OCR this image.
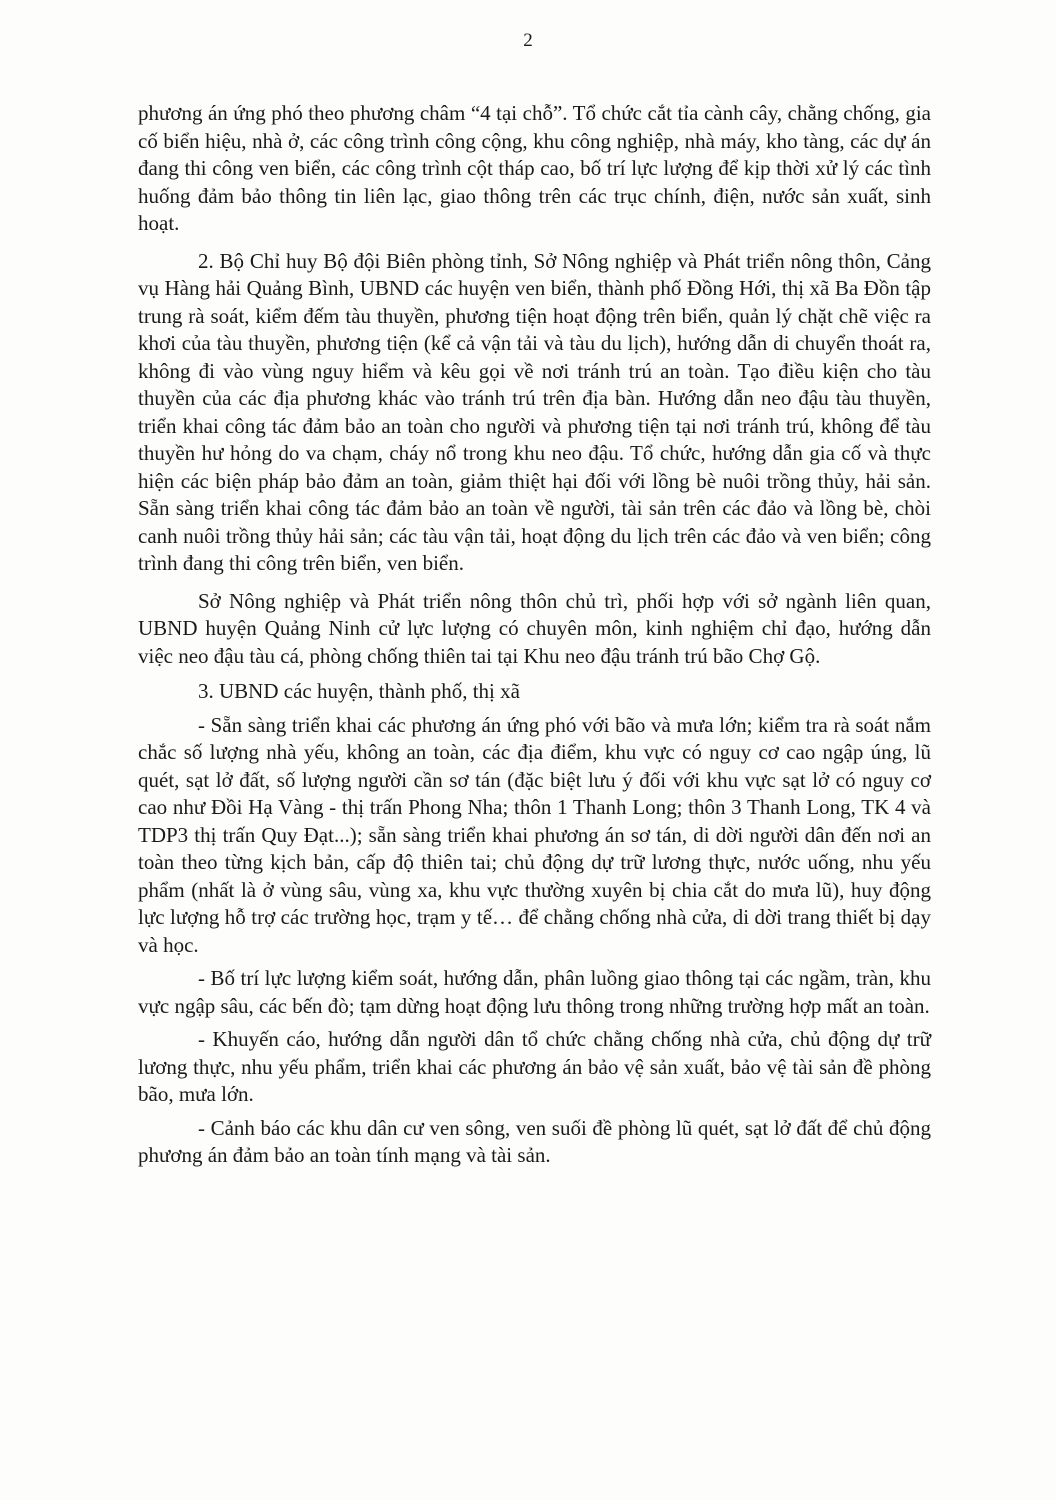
2

phương án ứng phó theo phương châm “4 tại chỗ”. Tổ chức cắt tỉa cành cây, chằng chống, gia cố biển hiệu, nhà ở, các công trình công cộng, khu công nghiệp, nhà máy, kho tàng, các dự án đang thi công ven biển, các công trình cột tháp cao, bố trí lực lượng để kịp thời xử lý các tình huống đảm bảo thông tin liên lạc, giao thông trên các trục chính, điện, nước sản xuất, sinh hoạt.

2. Bộ Chỉ huy Bộ đội Biên phòng tỉnh, Sở Nông nghiệp và Phát triển nông thôn, Cảng vụ Hàng hải Quảng Bình, UBND các huyện ven biển, thành phố Đồng Hới, thị xã Ba Đồn tập trung rà soát, kiểm đếm tàu thuyền, phương tiện hoạt động trên biển, quản lý chặt chẽ việc ra khơi của tàu thuyền, phương tiện (kể cả vận tải và tàu du lịch), hướng dẫn di chuyển thoát ra, không đi vào vùng nguy hiểm và kêu gọi về nơi tránh trú an toàn. Tạo điều kiện cho tàu thuyền của các địa phương khác vào tránh trú trên địa bàn. Hướng dẫn neo đậu tàu thuyền, triển khai công tác đảm bảo an toàn cho người và phương tiện tại nơi tránh trú, không để tàu thuyền hư hỏng do va chạm, cháy nổ trong khu neo đậu. Tổ chức, hướng dẫn gia cố và thực hiện các biện pháp bảo đảm an toàn, giảm thiệt hại đối với lồng bè nuôi trồng thủy, hải sản. Sẵn sàng triển khai công tác đảm bảo an toàn về người, tài sản trên các đảo và lồng bè, chòi canh nuôi trồng thủy hải sản; các tàu vận tải, hoạt động du lịch trên các đảo và ven biển; công trình đang thi công trên biển, ven biển.

Sở Nông nghiệp và Phát triển nông thôn chủ trì, phối hợp với sở ngành liên quan, UBND huyện Quảng Ninh cử lực lượng có chuyên môn, kinh nghiệm chỉ đạo, hướng dẫn việc neo đậu tàu cá, phòng chống thiên tai tại Khu neo đậu tránh trú bão Chợ Gộ.

3. UBND các huyện, thành phố, thị xã

- Sẵn sàng triển khai các phương án ứng phó với bão và mưa lớn; kiểm tra rà soát nắm chắc số lượng nhà yếu, không an toàn, các địa điểm, khu vực có nguy cơ cao ngập úng, lũ quét, sạt lở đất, số lượng người cần sơ tán (đặc biệt lưu ý đối với khu vực sạt lở có nguy cơ cao như Đồi Hạ Vàng - thị trấn Phong Nha; thôn 1 Thanh Long; thôn 3 Thanh Long, TK 4 và TDP3 thị trấn Quy Đạt...); sẵn sàng triển khai phương án sơ tán, di dời người dân đến nơi an toàn theo từng kịch bản, cấp độ thiên tai; chủ động dự trữ lương thực, nước uống, nhu yếu phẩm (nhất là ở vùng sâu, vùng xa, khu vực thường xuyên bị chia cắt do mưa lũ), huy động lực lượng hỗ trợ các trường học, trạm y tế… để chằng chống nhà cửa, di dời trang thiết bị dạy và học.

- Bố trí lực lượng kiểm soát, hướng dẫn, phân luồng giao thông tại các ngầm, tràn, khu vực ngập sâu, các bến đò; tạm dừng hoạt động lưu thông trong những trường hợp mất an toàn.

- Khuyến cáo, hướng dẫn người dân tổ chức chằng chống nhà cửa, chủ động dự trữ lương thực, nhu yếu phẩm, triển khai các phương án bảo vệ sản xuất, bảo vệ tài sản đề phòng bão, mưa lớn.

- Cảnh báo các khu dân cư ven sông, ven suối đề phòng lũ quét, sạt lở đất để chủ động phương án đảm bảo an toàn tính mạng và tài sản.
